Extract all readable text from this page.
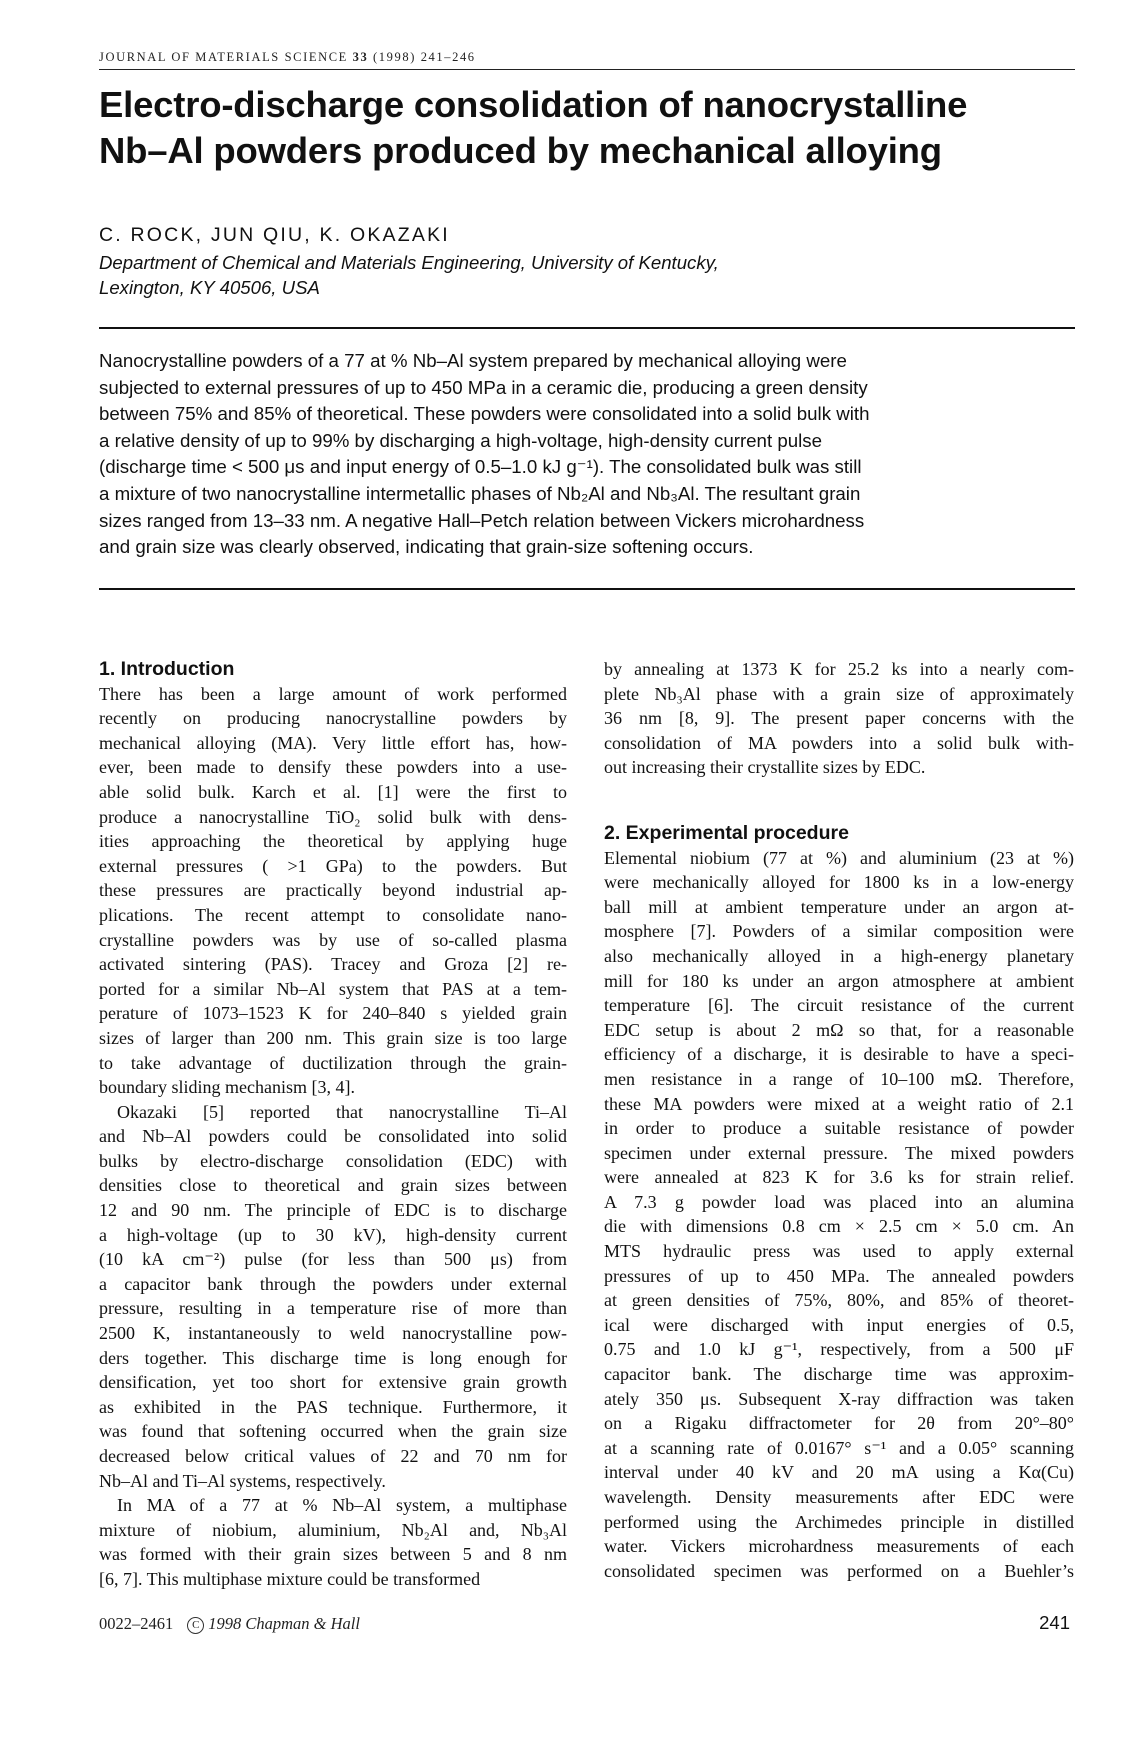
JOURNAL OF MATERIALS SCIENCE 33 (1998) 241–246
Electro-discharge consolidation of nanocrystalline
Nb–Al powders produced by mechanical alloying
C. ROCK, JUN QIU, K. OKAZAKI
Department of Chemical and Materials Engineering, University of Kentucky,
Lexington, KY 40506, USA
Nanocrystalline powders of a 77 at % Nb–Al system prepared by mechanical alloying were
subjected to external pressures of up to 450 MPa in a ceramic die, producing a green density
between 75% and 85% of theoretical. These powders were consolidated into a solid bulk with
a relative density of up to 99% by discharging a high-voltage, high-density current pulse
(discharge time < 500 μs and input energy of 0.5–1.0 kJ g⁻¹). The consolidated bulk was still
a mixture of two nanocrystalline intermetallic phases of Nb₂Al and Nb₃Al. The resultant grain
sizes ranged from 13–33 nm. A negative Hall–Petch relation between Vickers microhardness
and grain size was clearly observed, indicating that grain-size softening occurs.
1. Introduction
There has been a large amount of work performed
recently on producing nanocrystalline powders by
mechanical alloying (MA). Very little effort has, how-
ever, been made to densify these powders into a use-
able solid bulk. Karch et al. [1] were the first to
produce a nanocrystalline TiO₂ solid bulk with dens-
ities approaching the theoretical by applying huge
external pressures ( >1 GPa) to the powders. But
these pressures are practically beyond industrial ap-
plications. The recent attempt to consolidate nano-
crystalline powders was by use of so-called plasma
activated sintering (PAS). Tracey and Groza [2] re-
ported for a similar Nb–Al system that PAS at a tem-
perature of 1073–1523 K for 240–840 s yielded grain
sizes of larger than 200 nm. This grain size is too large
to take advantage of ductilization through the grain-
boundary sliding mechanism [3, 4].
Okazaki [5] reported that nanocrystalline Ti–Al
and Nb–Al powders could be consolidated into solid
bulks by electro-discharge consolidation (EDC) with
densities close to theoretical and grain sizes between
12 and 90 nm. The principle of EDC is to discharge
a high-voltage (up to 30 kV), high-density current
(10 kA cm⁻²) pulse (for less than 500 μs) from
a capacitor bank through the powders under external
pressure, resulting in a temperature rise of more than
2500 K, instantaneously to weld nanocrystalline pow-
ders together. This discharge time is long enough for
densification, yet too short for extensive grain growth
as exhibited in the PAS technique. Furthermore, it
was found that softening occurred when the grain size
decreased below critical values of 22 and 70 nm for
Nb–Al and Ti–Al systems, respectively.
In MA of a 77 at % Nb–Al system, a multiphase
mixture of niobium, aluminium, Nb₂Al and, Nb₃Al
was formed with their grain sizes between 5 and 8 nm
[6, 7]. This multiphase mixture could be transformed
by annealing at 1373 K for 25.2 ks into a nearly com-
plete Nb₃Al phase with a grain size of approximately
36 nm [8, 9]. The present paper concerns with the
consolidation of MA powders into a solid bulk with-
out increasing their crystallite sizes by EDC.
2. Experimental procedure
Elemental niobium (77 at %) and aluminium (23 at %)
were mechanically alloyed for 1800 ks in a low-energy
ball mill at ambient temperature under an argon at-
mosphere [7]. Powders of a similar composition were
also mechanically alloyed in a high-energy planetary
mill for 180 ks under an argon atmosphere at ambient
temperature [6]. The circuit resistance of the current
EDC setup is about 2 mΩ so that, for a reasonable
efficiency of a discharge, it is desirable to have a speci-
men resistance in a range of 10–100 mΩ. Therefore,
these MA powders were mixed at a weight ratio of 2.1
in order to produce a suitable resistance of powder
specimen under external pressure. The mixed powders
were annealed at 823 K for 3.6 ks for strain relief.
A 7.3 g powder load was placed into an alumina
die with dimensions 0.8 cm × 2.5 cm × 5.0 cm. An
MTS hydraulic press was used to apply external
pressures of up to 450 MPa. The annealed powders
at green densities of 75%, 80%, and 85% of theoret-
ical were discharged with input energies of 0.5,
0.75 and 1.0 kJ g⁻¹, respectively, from a 500 μF
capacitor bank. The discharge time was approxim-
ately 350 μs. Subsequent X-ray diffraction was taken
on a Rigaku diffractometer for 2θ from 20°–80°
at a scanning rate of 0.0167° s⁻¹ and a 0.05° scanning
interval under 40 kV and 20 mA using a Kα(Cu)
wavelength. Density measurements after EDC were
performed using the Archimedes principle in distilled
water. Vickers microhardness measurements of each
consolidated specimen was performed on a Buehler’s
0022–2461 C 1998 Chapman & Hall	241
